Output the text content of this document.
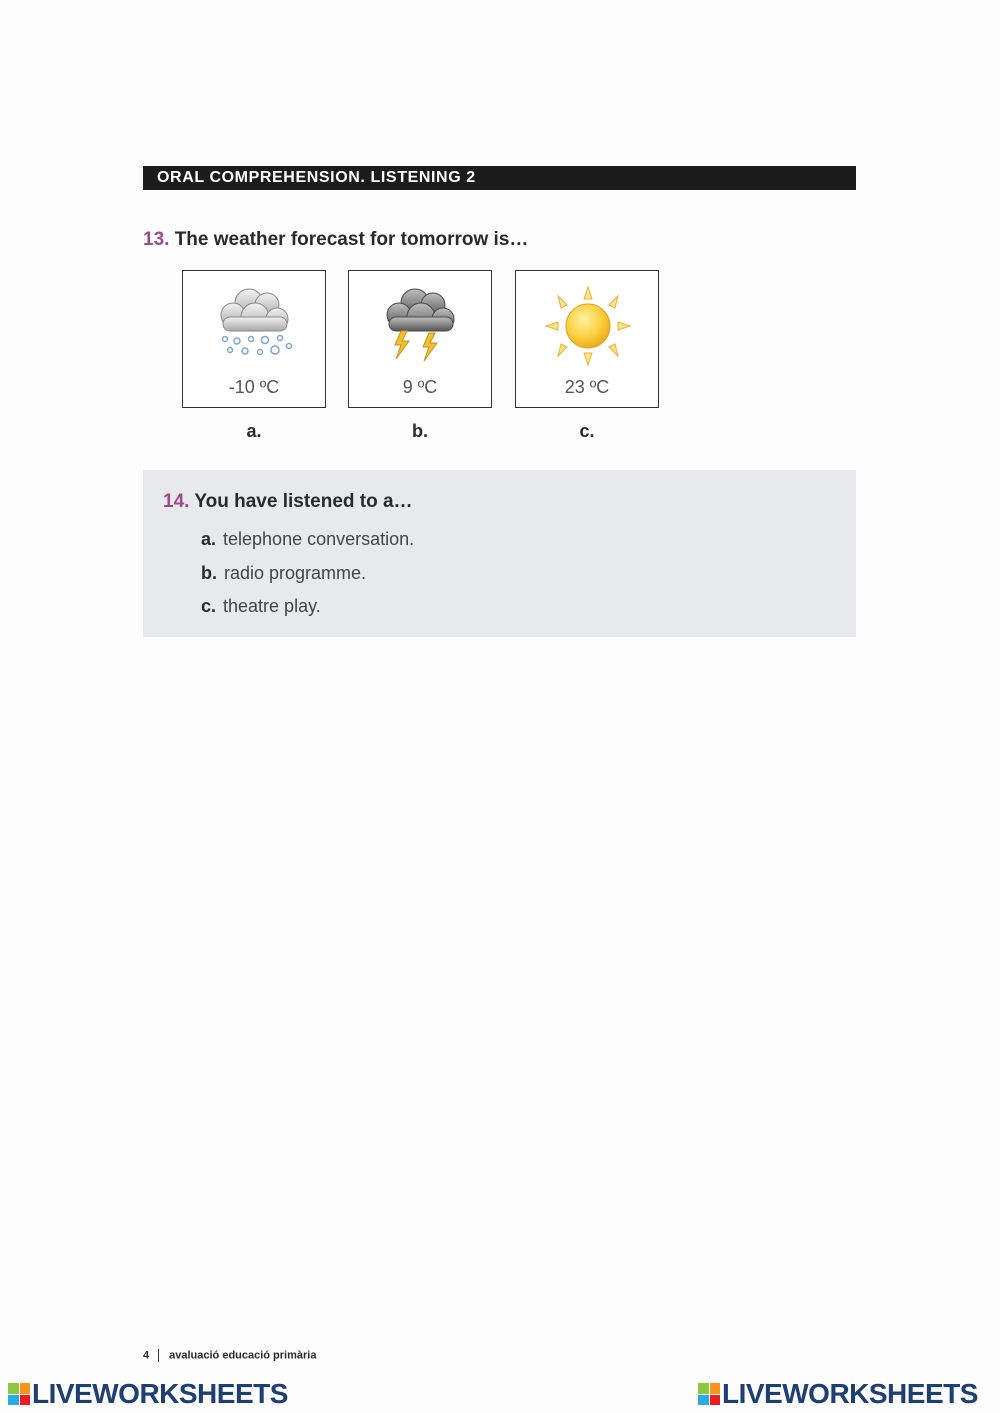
ORAL COMPREHENSION. LISTENING 2
13. The weather forecast for tomorrow is…
-10 ºC	9 ºC	23 ºC
a.	b.	c.
14. You have listened to a…
a. telephone conversation.
b. radio programme.
c. theatre play.
4 avaluació educació primària
LIVEWORKSHEETS	LIVEWORKSHEETS
